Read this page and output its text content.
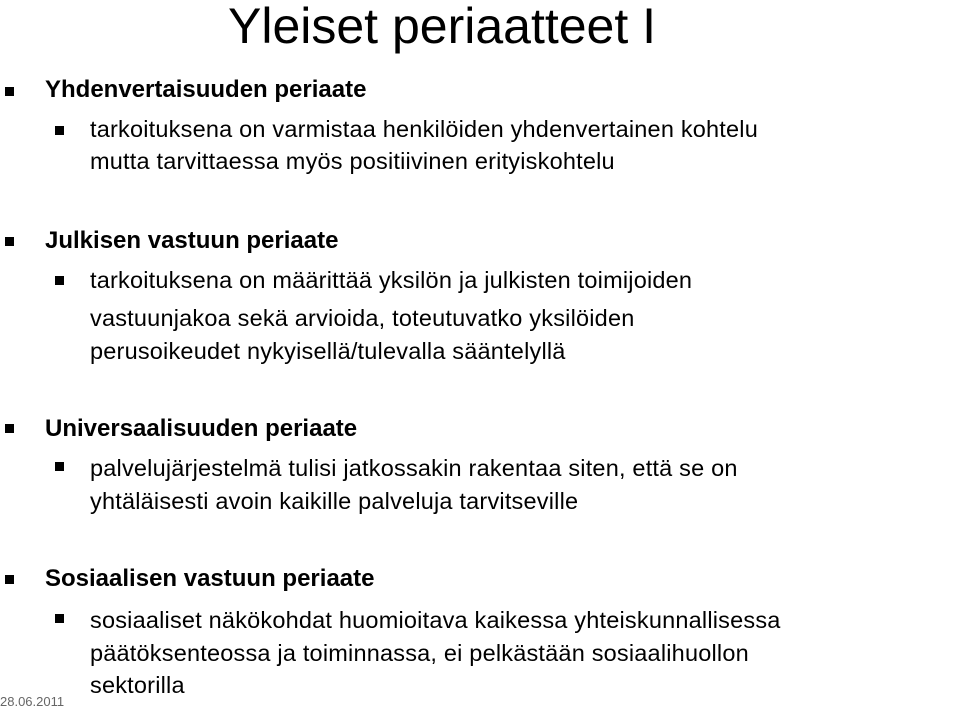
Yleiset periaatteet I
Yhdenvertaisuuden periaate

tarkoituksena on varmistaa henkilöiden yhdenvertainen kohtelu

mutta tarvittaessa myös positiivinen erityiskohtelu

Julkisen vastuun periaate

tarkoituksena on määrittää yksilön ja julkisten toimijoiden

vastuunjakoa sekä arvioida, toteutuvatko yksilöiden

perusoikeudet nykyisellä/tulevalla sääntelyllä

Universaalisuuden periaate

palvelujärjestelmä tulisi jatkossakin rakentaa siten, että se on

yhtäläisesti avoin kaikille palveluja tarvitseville

Sosiaalisen vastuun periaate

sosiaaliset näkökohdat huomioitava kaikessa yhteiskunnallisessa

päätöksenteossa ja toiminnassa, ei pelkästään sosiaalihuollon

sektorilla

28.06.2011
